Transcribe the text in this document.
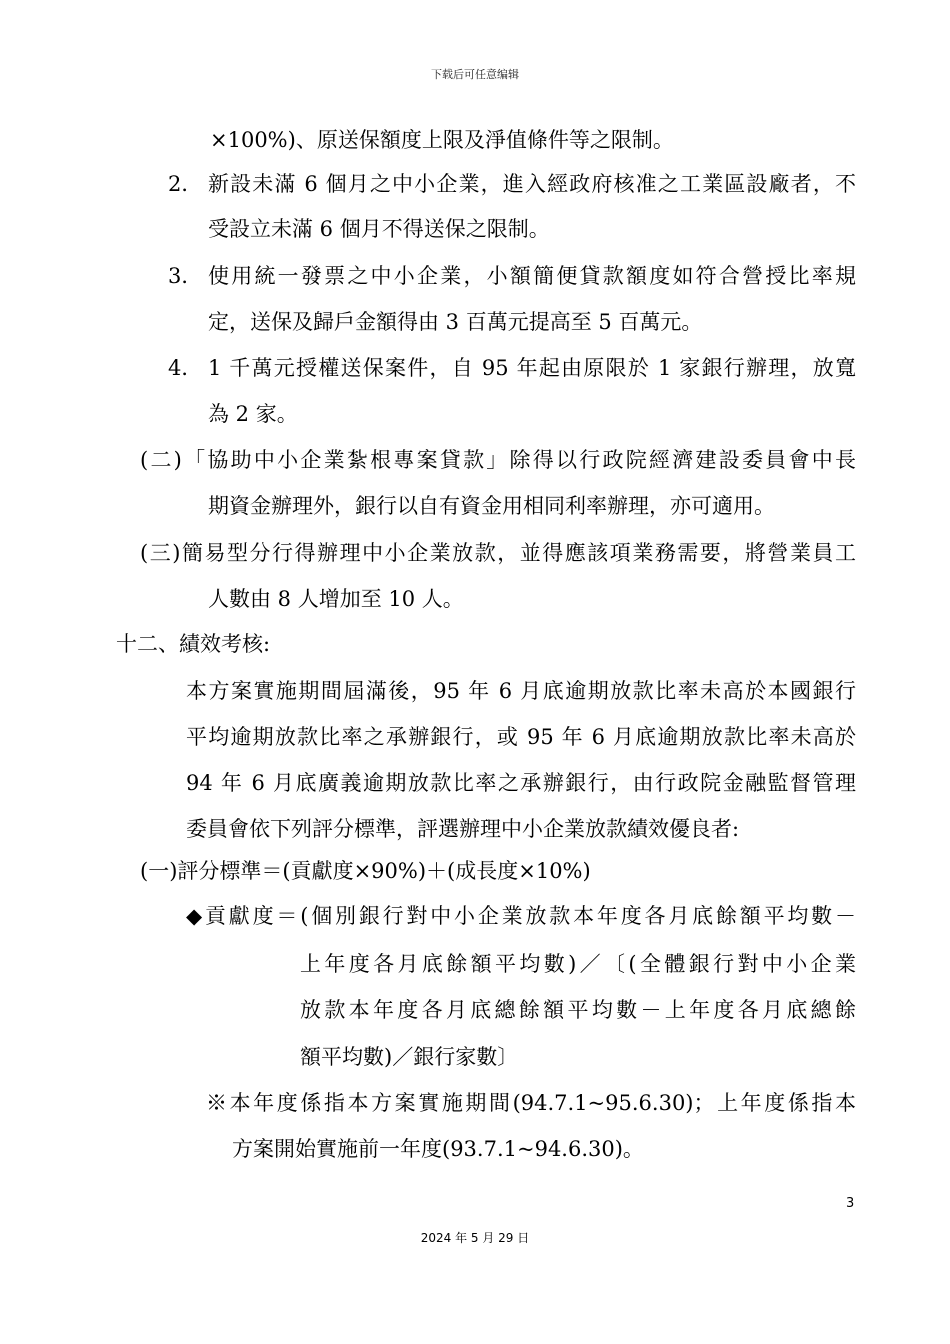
下载后可任意编辑
×100%)、原送保額度上限及淨值條件等之限制。
2． 新設未滿 6 個月之中小企業，進入經政府核准之工業區設廠者，不
受設立未滿 6 個月不得送保之限制。
3． 使用統一發票之中小企業，小額簡便貸款額度如符合營授比率規
定，送保及歸戶金額得由 3 百萬元提高至 5 百萬元。
4． 1 千萬元授權送保案件，自 95 年起由原限於 1 家銀行辦理，放寬
為 2 家。
(二)「協助中小企業紮根專案貸款」除得以行政院經濟建設委員會中長
期資金辦理外，銀行以自有資金用相同利率辦理，亦可適用。
(三)簡易型分行得辦理中小企業放款，並得應該項業務需要，將營業員工
人數由 8 人增加至 10 人。
十二、績效考核:
本方案實施期間屆滿後，95 年 6 月底逾期放款比率未高於本國銀行
平均逾期放款比率之承辦銀行，或 95 年 6 月底逾期放款比率未高於
94 年 6 月底廣義逾期放款比率之承辦銀行，由行政院金融監督管理
委員會依下列評分標準，評選辦理中小企業放款績效優良者:
(一)評分標準＝(貢獻度×90%)＋(成長度×10%)
◆貢獻度＝(個別銀行對中小企業放款本年度各月底餘額平均數－
上年度各月底餘額平均數)／〔(全體銀行對中小企業
放款本年度各月底總餘額平均數－上年度各月底總餘
額平均數)／銀行家數〕
※本年度係指本方案實施期間(94.7.1~95.6.30)；上年度係指本
方案開始實施前一年度(93.7.1~94.6.30)。
3
2024 年 5 月 29 日
